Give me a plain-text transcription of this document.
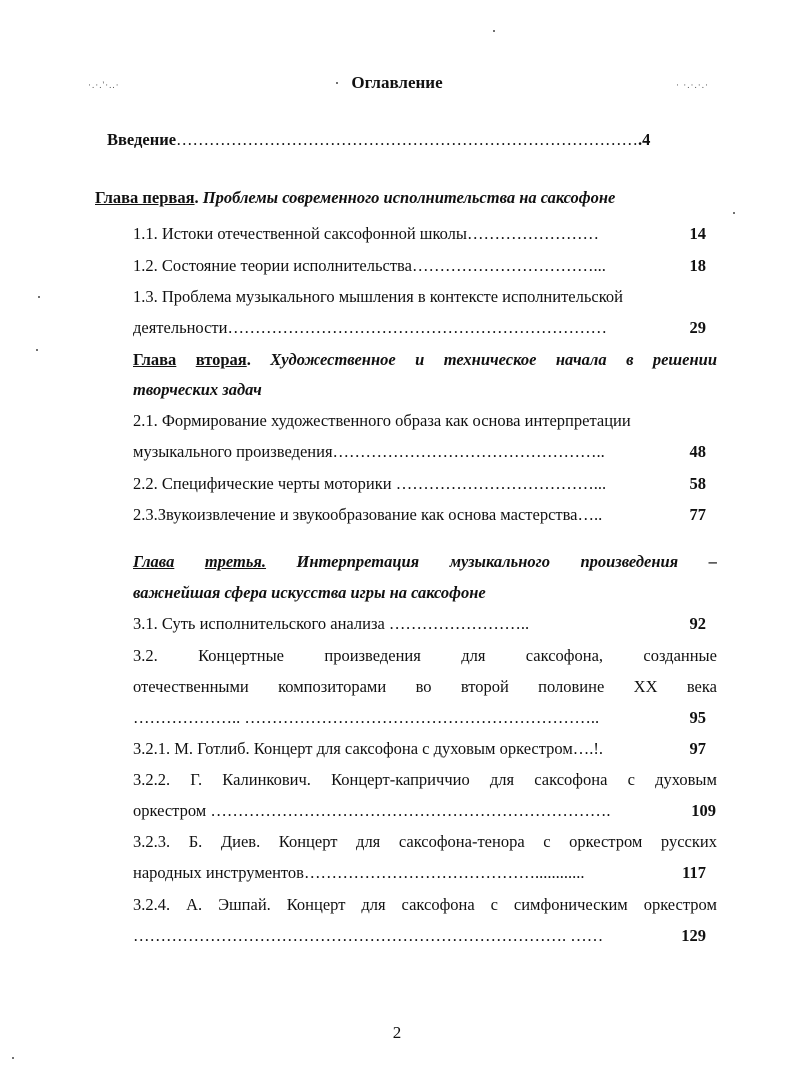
·.·.'·..·	· ·.·.·.·
Оглавление
Введение………………………………………………………………………….4
Глава первая. Проблемы современного исполнительства на саксофоне
1.1. Истоки отечественной саксофонной школы……………………	14
1.2. Состояние теории исполнительства……………………………...	18
1.3. Проблема музыкального мышления в контексте исполнительской
деятельности……………………………………………………………	29
Глава вторая. Художественное и техническое начала в решении
творческих задач
2.1. Формирование художественного образа как основа интерпретации
музыкального произведения…………………………………………..	48
2.2. Специфические черты моторики ………………………………...	58
2.3.Звукоизвлечение и звукообразование как основа мастерства…..	77
Глава третья. Интерпретация музыкального произведения –
важнейшая сфера искусства игры на саксофоне
3.1. Суть исполнительского анализа ……………………..	92
3.2. Концертные произведения для саксофона, созданные
отечественными композиторами во второй половине XX века
……………….. ………………………………………………………..	95
3.2.1. М. Готлиб. Концерт для саксофона с духовым оркестром….!.	97
3.2.2. Г. Калинкович. Концерт-каприччио для саксофона с духовым
оркестром ……………………………………………………………….	109
3.2.3. Б. Диев. Концерт для саксофона-тенора с оркестром русских
народных инструментов……………………………………............	117
3.2.4. А. Эшпай. Концерт для саксофона с симфоническим оркестром
……………………………………………………………………. ……	129
2
